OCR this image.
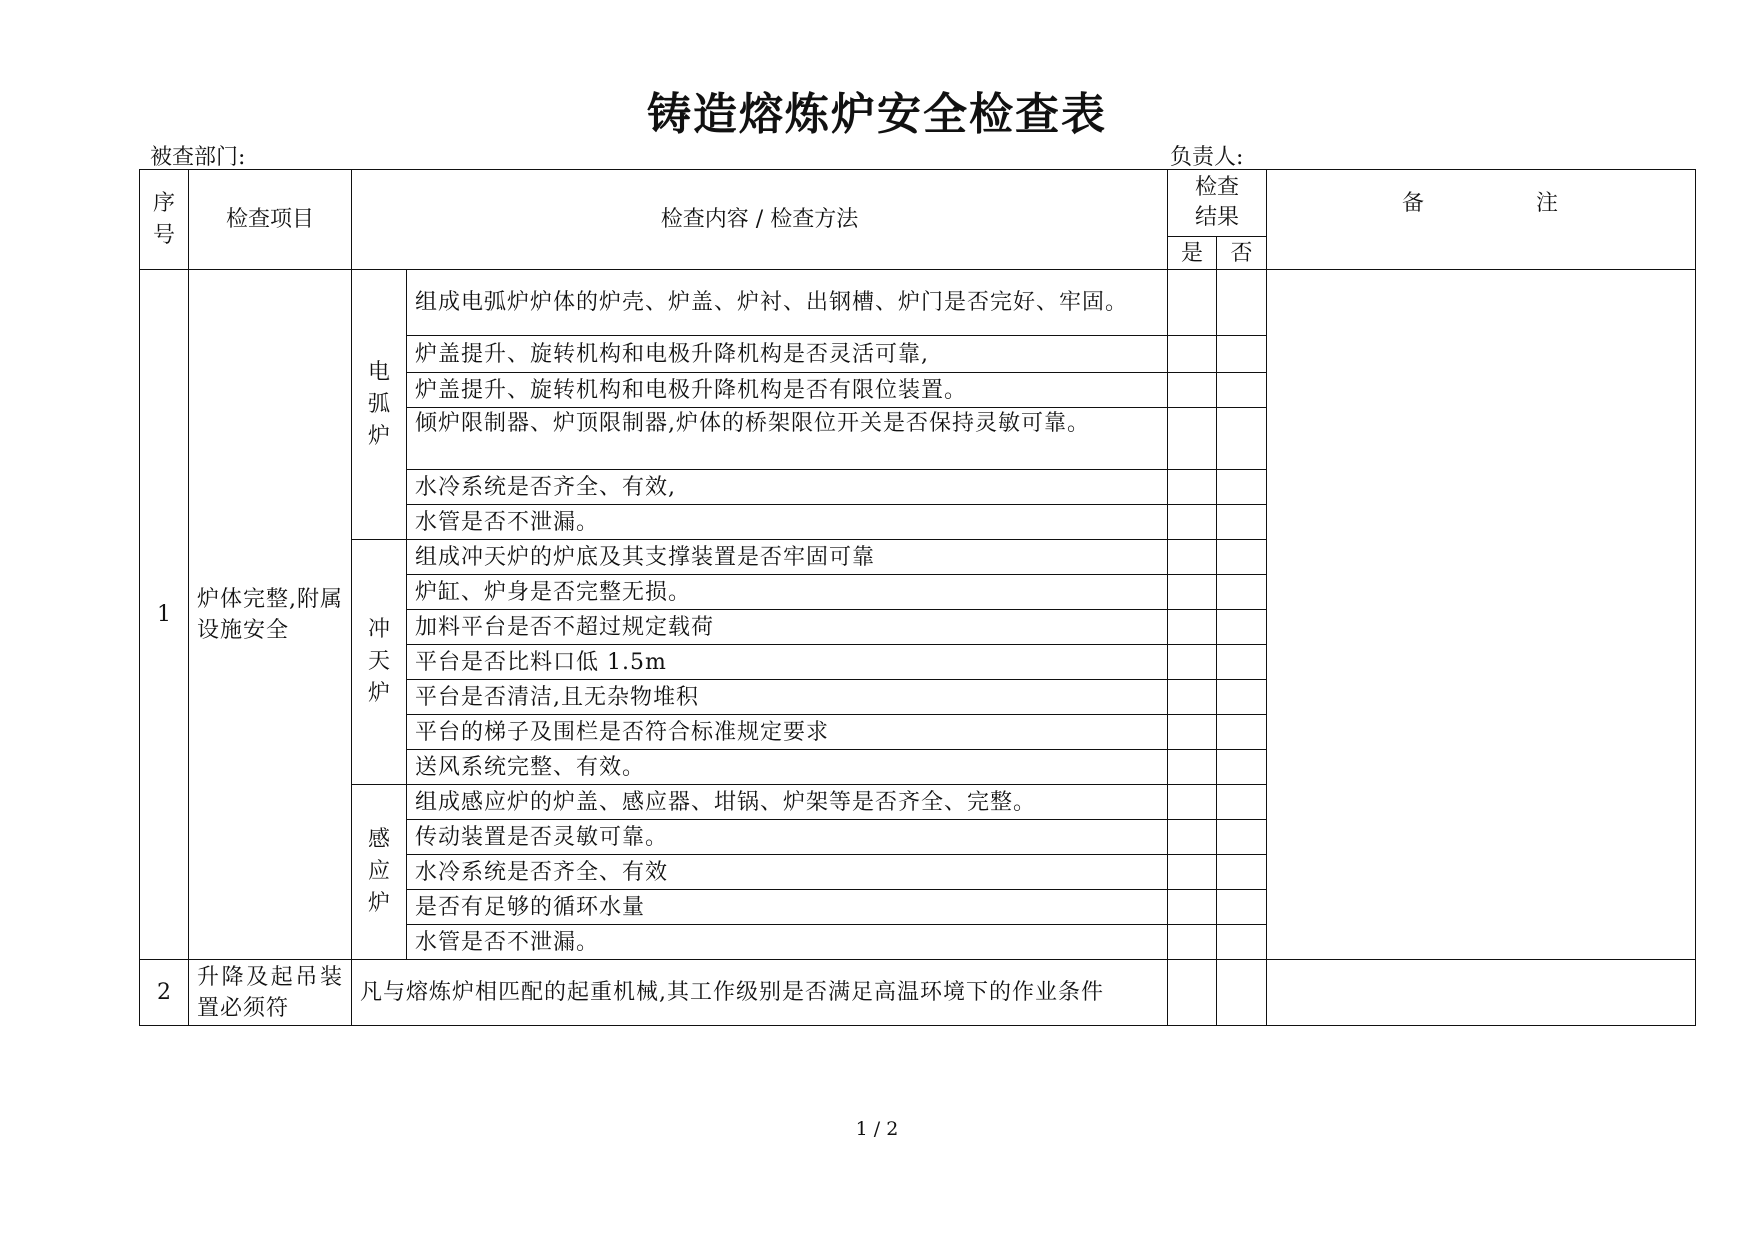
铸造熔炼炉安全检查表
被查部门:	负责人:
序号	检查项目	检查内容 / 检查方法		检查结果		备 注
				是	否	
1	炉体完整,附属设施安全	电弧炉	组成电弧炉炉体的炉壳、炉盖、炉衬、出钢槽、炉门是否完好、牢固。			
			炉盖提升、旋转机构和电极升降机构是否灵活可靠,			
			炉盖提升、旋转机构和电极升降机构是否有限位装置。			
			倾炉限制器、炉顶限制器,炉体的桥架限位开关是否保持灵敏可靠。			
			水冷系统是否齐全、有效,			
			水管是否不泄漏。			
		冲天炉	组成冲天炉的炉底及其支撑装置是否牢固可靠			
			炉缸、炉身是否完整无损。			
			加料平台是否不超过规定载荷			
			平台是否比料口低 1.5m			
			平台是否清洁,且无杂物堆积			
			平台的梯子及围栏是否符合标准规定要求			
			送风系统完整、有效。			
		感应炉	组成感应炉的炉盖、感应器、坩锅、炉架等是否齐全、完整。			
			传动装置是否灵敏可靠。			
			水冷系统是否齐全、有效			
			是否有足够的循环水量			
			水管是否不泄漏。			
2	升降及起吊装置必须符	凡与熔炼炉相匹配的起重机械,其工作级别是否满足高温环境下的作业条件				
1 / 2
